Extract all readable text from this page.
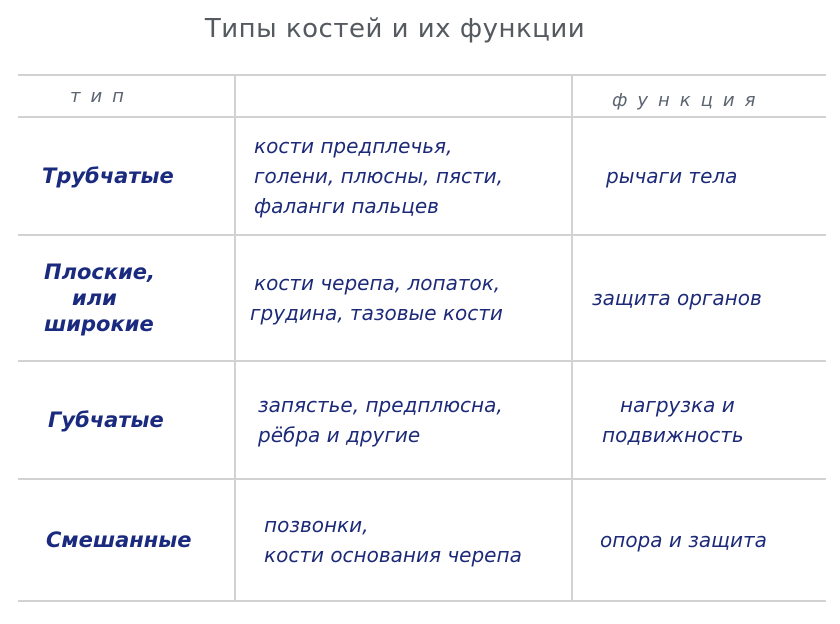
Типы костей и их функции
тип	функция
Трубчатые
кости предплечья,
голени, плюсны, пясти,
фаланги пальцев
рычаги тела
Плоские,
или
широкие
кости черепа, лопаток,
грудина, тазовые кости
защита органов
Губчатые
запястье, предплюсна,
рёбра и другие
нагрузка и
подвижность
Смешанные
позвонки,
кости основания черепа
опора и защита
